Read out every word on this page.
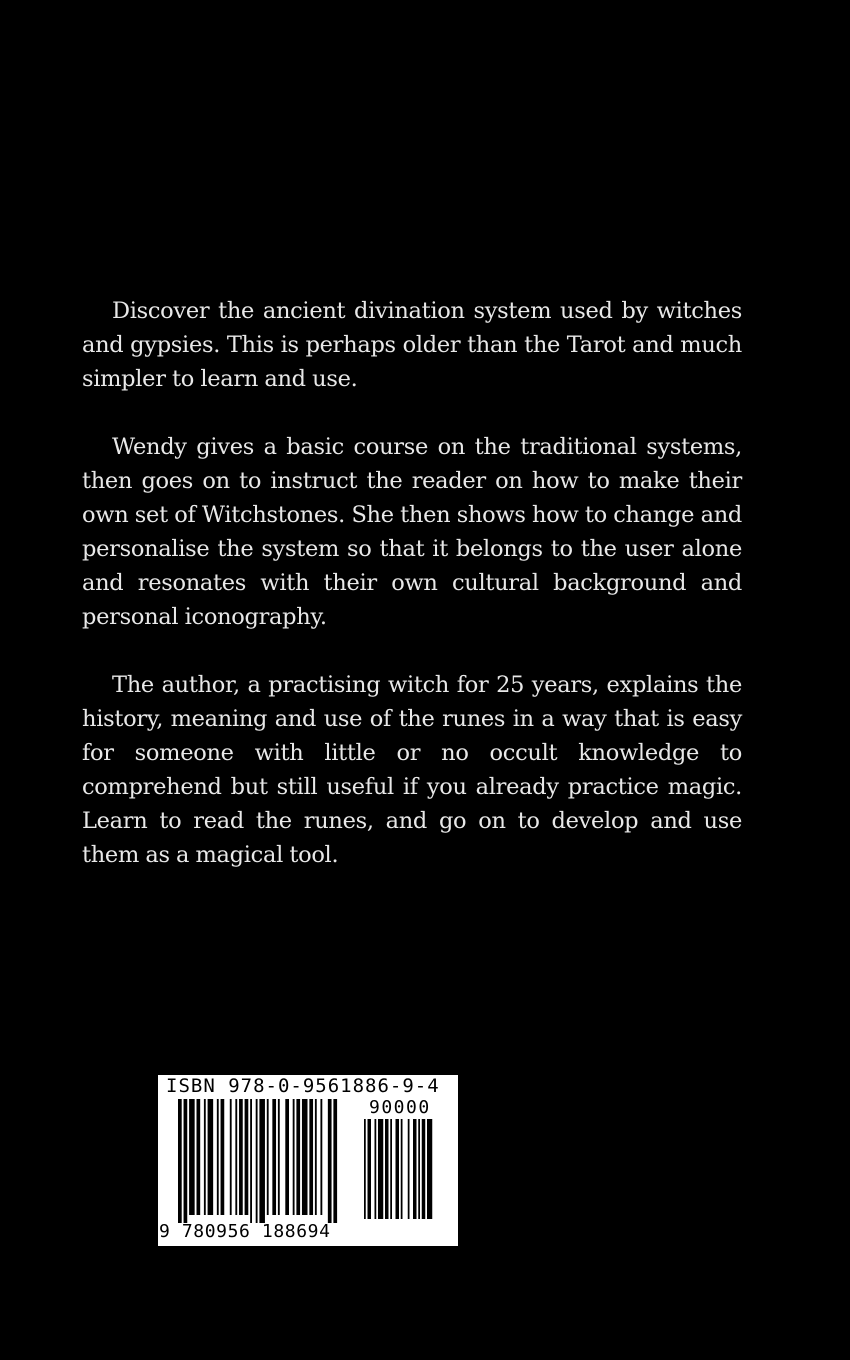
Discover the ancient divination system used by witches and gypsies. This is perhaps older than the Tarot and much simpler to learn and use.

Wendy gives a basic course on the traditional systems, then goes on to instruct the reader on how to make their own set of Witchstones. She then shows how to change and personalise the system so that it belongs to the user alone and resonates with their own cultural background and personal iconography.

The author, a practising witch for 25 years, explains the history, meaning and use of the runes in a way that is easy for someone with little or no occult knowledge to comprehend but still useful if you already practice magic. Learn to read the runes, and go on to develop and use them as a magical tool.

ISBN 978-0-9561886-9-4
90000
9 780956 188694
